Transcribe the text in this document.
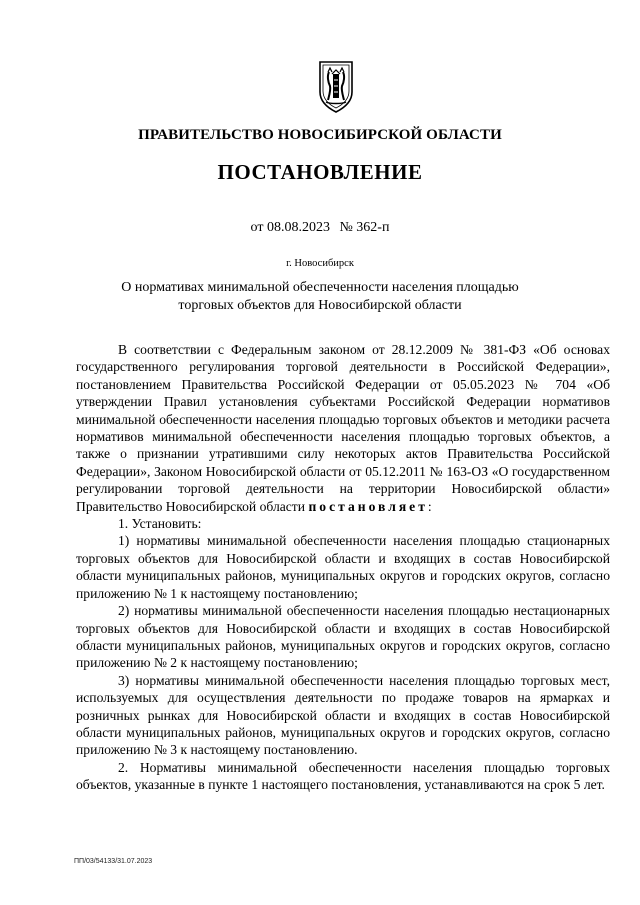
ПРАВИТЕЛЬСТВО НОВОСИБИРСКОЙ ОБЛАСТИ
ПОСТАНОВЛЕНИЕ
от 08.08.2023 № 362-п
г. Новосибирск
О нормативах минимальной обеспеченности населения площадью
торговых объектов для Новосибирской области

В соответствии с Федеральным законом от 28.12.2009 № 381-ФЗ «Об основах государственного регулирования торговой деятельности в Российской Федерации», постановлением Правительства Российской Федерации от 05.05.2023 № 704 «Об утверждении Правил установления субъектами Российской Федерации нормативов минимальной обеспеченности населения площадью торговых объектов и методики расчета нормативов минимальной обеспеченности населения площадью торговых объектов, а также о признании утратившими силу некоторых актов Правительства Российской Федерации», Законом Новосибирской области от 05.12.2011 № 163-ОЗ «О государственном регулировании торговой деятельности на территории Новосибирской области» Правительство Новосибирской области постановляет:

1. Установить:

1) нормативы минимальной обеспеченности населения площадью стационарных торговых объектов для Новосибирской области и входящих в состав Новосибирской области муниципальных районов, муниципальных округов и городских округов, согласно приложению № 1 к настоящему постановлению;

2) нормативы минимальной обеспеченности населения площадью нестационарных торговых объектов для Новосибирской области и входящих в состав Новосибирской области муниципальных районов, муниципальных округов и городских округов, согласно приложению № 2 к настоящему постановлению;

3) нормативы минимальной обеспеченности населения площадью торговых мест, используемых для осуществления деятельности по продаже товаров на ярмарках и розничных рынках для Новосибирской области и входящих в состав Новосибирской области муниципальных районов, муниципальных округов и городских округов, согласно приложению № 3 к настоящему постановлению.

2. Нормативы минимальной обеспеченности населения площадью торговых объектов, указанные в пункте 1 настоящего постановления, устанавливаются на срок 5 лет.

ПП/03/54133/31.07.2023
